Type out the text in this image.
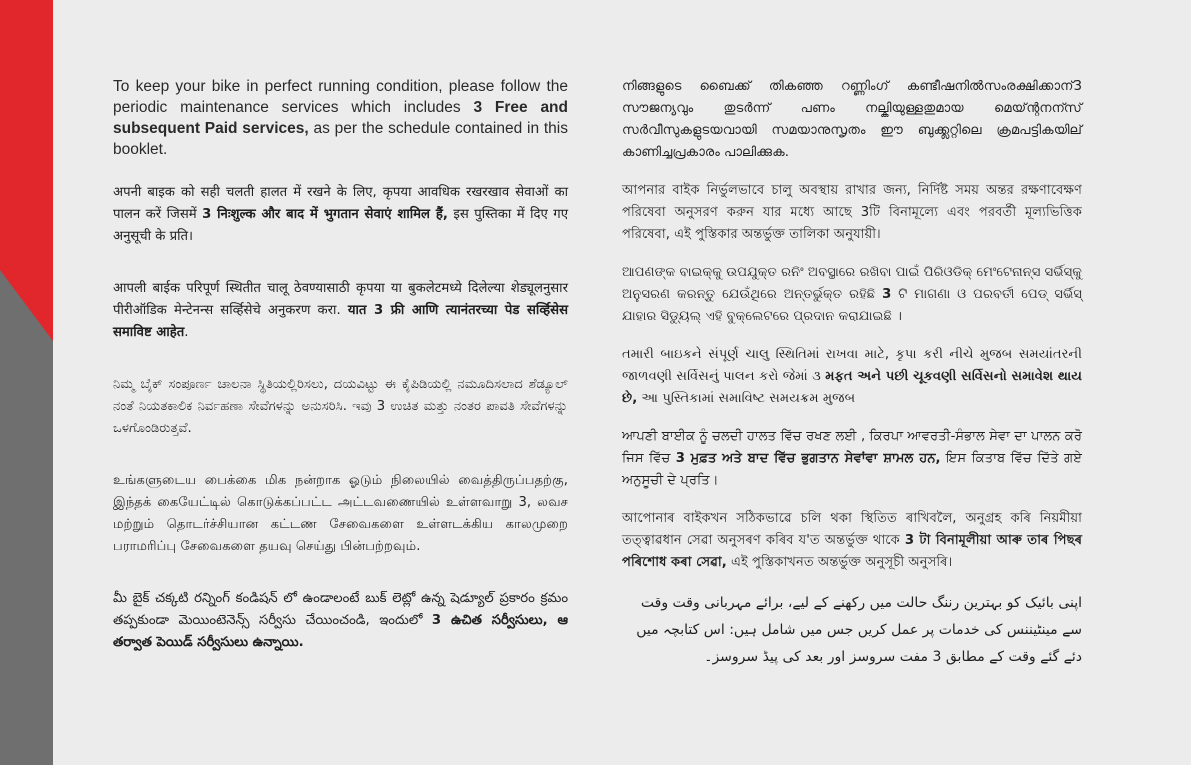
To keep your bike in perfect running condition, please follow the periodic maintenance services which includes 3 Free and subsequent Paid services, as per the schedule contained in this booklet.

अपनी बाइक को सही चलती हालत में रखने के लिए, कृपया आवधिक रखरखाव सेवाओं का पालन करें जिसमें 3 निःशुल्क और बाद में भुगतान सेवाएं शामिल हैं, इस पुस्तिका में दिए गए अनुसूची के प्रति।

आपली बाईक परिपूर्ण स्थितीत चालू ठेवण्यासाठी कृपया या बुकलेटमध्ये दिलेल्या शेड्यूलनुसार पीरीऑडिक मेन्टेनन्स सर्व्हिसेचे अनुकरण करा. यात 3 फ्री आणि त्यानंतरच्या पेड सर्व्हिसेस समाविष्ट आहेत.

ನಿಮ್ಮ ಬೈಕ್ ಸಂಪೂರ್ಣ ಚಾಲನಾ ಸ್ಥಿತಿಯಲ್ಲಿರಿಸಲು, ದಯವಿಟ್ಟು ಈ ಕೈಪಿಡಿಯಲ್ಲಿ ನಮೂದಿಸಲಾದ ಶೆಡ್ಯೂಲ್ ನಂತೆ ನಿಯತಕಾಲಿಕ ನಿರ್ವಹಣಾ ಸೇವೆಗಳನ್ನು ಅನುಸರಿಸಿ. ಇವು 3 ಉಚಿತ ಮತ್ತು ನಂತರ ಪಾವತಿ ಸೇವೆಗಳನ್ನು ಒಳಗೊಂಡಿರುತ್ತವೆ.

உங்களுடைய பைக்கை மிக நன்றாக ஓடும் நிலையில் வைத்திருப்பதற்கு, இந்தக் கையேட்டில் கொடுக்கப்பட்ட அட்டவணையில் உள்ளவாறு 3, லவச மற்றும் தொடர்ச்சியான கட்டண சேவைகளை உள்ளடக்கிய காலமுறை பராமரிப்பு சேவைகளை தயவு செய்து பின்பற்றவும்.

మీ బైక్ చక్కటి రన్నింగ్ కండిషన్ లో ఉండాలంటే బుక్ లెట్లో ఉన్న షెడ్యూల్ ప్రకారం క్రమం తప్పకుండా మెయింటెనెన్స్ సర్వీసు చేయించండి, ఇందులో 3 ఉచిత సర్వీసులు, ఆ తర్వాత పెయిడ్ సర్వీసులు ఉన్నాయి.

നിങ്ങളുടെ ബൈക്ക് തികഞ്ഞ റണ്ണിംഗ് കണ്ടീഷനിൽസംരക്ഷിക്കാന്3 സൗജന്യവും തുടർന്ന് പണം നല്കിയുള്ളതുമായ മെയ്ന്റനന്സ് സർവീസുകളുടയവായി സമയാനുസൃതം ഈ ബുക്ക്ലറ്റിലെ ക്രമപട്ടികയില് കാണിച്ചപ്രകാരം പാലിക്കുക.

আপনার বাইক নির্ভুলভাবে চালু অবস্থায় রাখার জন্য, নির্দিষ্ট সময় অন্তর রক্ষণাবেক্ষণ পরিষেবা অনুসরণ করুন যার মধ্যে আছে 3টি বিনামূল্যে এবং পরবর্তী মূল্যভিত্তিক পরিষেবা, এই পুস্তিকার অন্তর্ভুক্ত তালিকা অনুযায়ী।

ଆପଣଙ୍କ ବାଇକ୍କୁ ଉପଯୁକ୍ତ ରନିଂ ଅବସ୍ଥାରେ ରଖିବା ପାଇଁ ପିରିଓଡିକ୍ ମେଂଟେନାନ୍ସ ସର୍ଭିସ୍କୁ ଅନୁସରଣ କରନ୍ତୁ ଯେଉଁଥିରେ ଅନ୍ତର୍ଭୁକ୍ତ ରହିଛି 3 ଟି ମାଗଣା ଓ ପରବର୍ତୀ ପେଡ୍ ସର୍ଭିସ୍ ଯାହାର ସିଡ୍ୟୁଲ୍ ଏହି ବୁକ୍ଲେଟରେ ପ୍ରଦାନ କରାଯାଇଛି ।

તમારી બાઇકને સંપૂર્ણ ચાલુ સ્થિતિમાં રાખવા માટે, કૃપા કરી નીચે મુજબ સમયાંતરની જાળવણી સર્વિસનું પાલન કરો જેમાં ૩ મફત અને પછી ચૂકવણી સર્વિસનો સમાવેશ થાય છે, આ પુસ્તિકામાં સમાવિષ્ટ સમયક્રમ મુજબ

ਆਪਣੀ ਬਾਈਕ ਨੂੰ ਚਲਦੀ ਹਾਲਤ ਵਿੱਚ ਰਖਣ ਲਈ , ਕਿਰਪਾ ਆਵਰਤੀ-ਸੰਭਾਲ ਸੇਵਾ ਦਾ ਪਾਲਨ ਕਰੋ ਜਿਸ ਵਿੱਚ 3 ਮੁਫ਼ਤ ਅਤੇ ਬਾਦ ਵਿੱਚ ਭੁਗਤਾਨ ਸੇਵਾਂਵਾ ਸ਼ਾਮਲ ਹਨ, ਇਸ ਕਿਤਾਬ ਵਿੱਚ ਦਿੱਤੇ ਗਏ ਅਨੁਸੂਚੀ ਦੇ ਪ੍ਰਤਿ।

আপোনাৰ বাইকখন সঠিকভাৱে চলি থকা স্থিতিত ৰাখিবলৈ, অনুগ্ৰহ কৰি নিয়মীয়া তত্ত্বাৱধান সেৱা অনুসৰণ কৰিব য'ত অন্তৰ্ভুক্ত থাকে 3 টা বিনামূলীয়া আৰু তাৰ পিছৰ পৰিশোধ কৰা সেৱা, এই পুস্তিকাখনত অন্তৰ্ভুক্ত অনুসূচী অনুসৰি।

اپنی بائیک کو بہترین رننگ حالت میں رکھنے کے لیے، برائے مہربانی وقت وقت سے مینٹیننس کی خدمات پر عمل کریں جس میں شامل ہیں: اس کتابچہ میں دئے گئے وقت کے مطابق 3 مفت سروسز اور بعد کی پیڈ سروسز۔
